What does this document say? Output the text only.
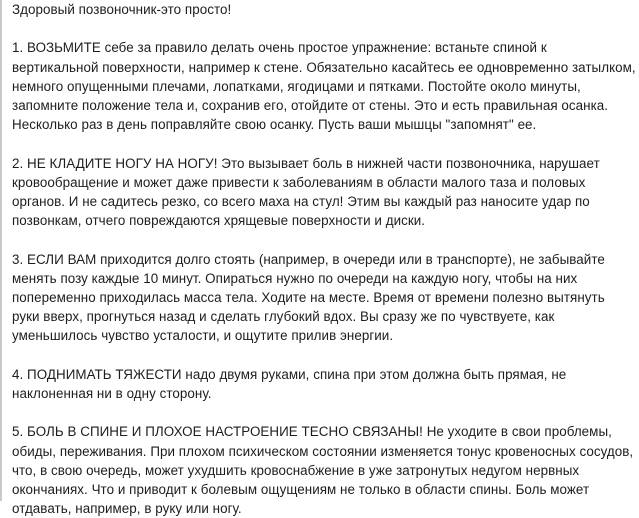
Здоровый позвоночник-это просто!

1. ВОЗЬМИТЕ себе за правило делать очень простое упражнение: встаньте спиной к вертикальной поверхности, например к стене. Обязательно касайтесь ее одновременно затылком, немного опущенными плечами, лопатками, ягодицами и пятками. Постойте около минуты, запомните положение тела и, сохранив его, отойдите от стены. Это и есть правильная осанка. Несколько раз в день поправляйте свою осанку. Пусть ваши мышцы "запомнят" ее.

2. НЕ КЛАДИТЕ НОГУ НА НОГУ! Это вызывает боль в нижней части позвоночника, нарушает кровообращение и может даже привести к заболеваниям в области малого таза и половых органов. И не садитесь резко, со всего маха на стул! Этим вы каждый раз наносите удар по позвонкам, отчего повреждаются хрящевые поверхности и диски.

3. ЕСЛИ ВАМ приходится долго стоять (например, в очереди или в транспорте), не забывайте менять позу каждые 10 минут. Опираться нужно по очереди на каждую ногу, чтобы на них попеременно приходилась масса тела. Ходите на месте. Время от времени полезно вытянуть руки вверх, прогнуться назад и сделать глубокий вдох. Вы сразу же по чувствуете, как уменьшилось чувство усталости, и ощутите прилив энергии.

4. ПОДНИМАТЬ ТЯЖЕСТИ надо двумя руками, спина при этом должна быть прямая, не наклоненная ни в одну сторону.

5. БОЛЬ В СПИНЕ И ПЛОХОЕ НАСТРОЕНИЕ ТЕСНО СВЯЗАНЫ! Не уходите в свои проблемы, обиды, переживания. При плохом психическом состоянии изменяется тонус кровеносных сосудов, что, в свою очередь, может ухудшить кровоснабжение в уже затронутых недугом нервных окончаниях. Что и приводит к болевым ощущениям не только в области спины. Боль может отдавать, например, в руку или ногу.
